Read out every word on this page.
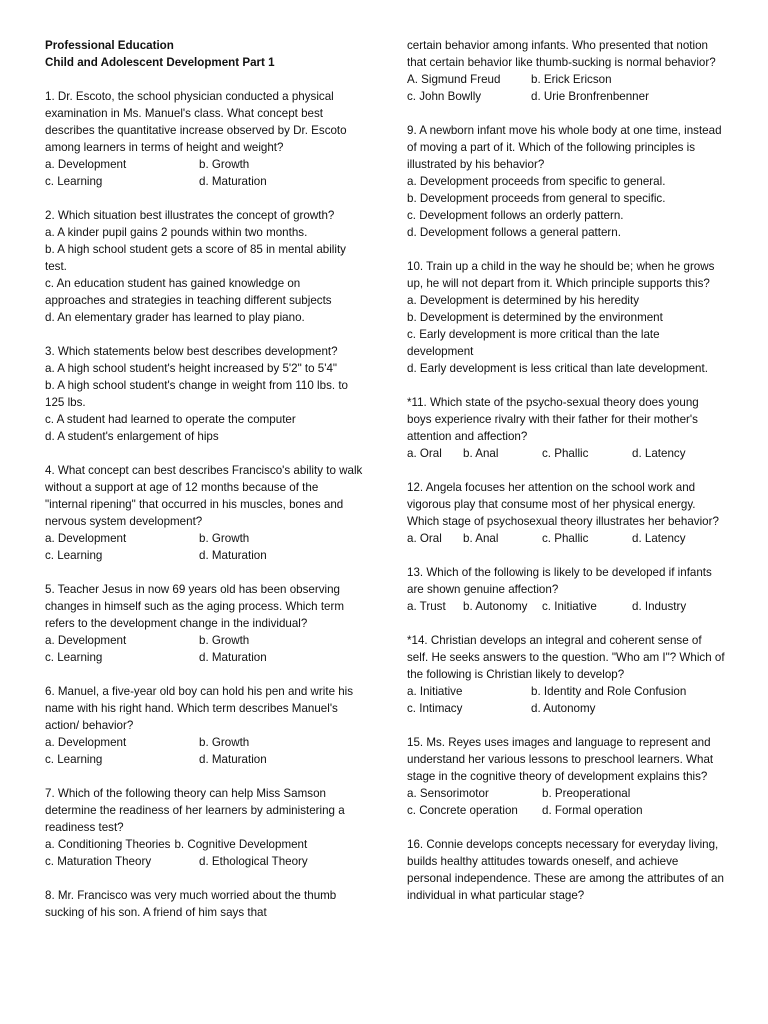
Professional Education
Child and Adolescent Development Part 1
1. Dr. Escoto, the school physician conducted a physical examination in Ms. Manuel's class. What concept best describes the quantitative increase observed by Dr. Escoto among learners in terms of height and weight?
a. Development	b. Growth
c. Learning	d. Maturation
2. Which situation best illustrates the concept of growth?
a. A kinder pupil gains 2 pounds within two months.
b. A high school student gets a score of 85 in mental ability test.
c. An education student has gained knowledge on approaches and strategies in teaching different subjects
d. An elementary grader has learned to play piano.
3. Which statements below best describes development?
a. A high school student's height increased by 5'2" to 5'4"
b. A high school student's change in weight from 110 lbs. to 125 lbs.
c. A student had learned to operate the computer
d. A student's enlargement of hips
4. What concept can best describes Francisco's ability to walk without a support at age of 12 months because of the "internal ripening" that occurred in his muscles, bones and nervous system development?
a. Development	b. Growth
c. Learning	d. Maturation
5. Teacher Jesus in now 69 years old has been observing changes in himself such as the aging process. Which term refers to the development change in the individual?
a. Development	b. Growth
c. Learning	d. Maturation
6. Manuel, a five-year old boy can hold his pen and write his name with his right hand. Which term describes Manuel's action/ behavior?
a. Development	b. Growth
c. Learning	d. Maturation
7. Which of the following theory can help Miss Samson determine the readiness of her learners by administering a readiness test?
a. Conditioning Theories b. Cognitive Development
c. Maturation Theory	d. Ethological Theory
8. Mr. Francisco was very much worried about the thumb sucking of his son. A friend of him says that
certain behavior among infants. Who presented that notion that certain behavior like thumb-sucking is normal behavior?
A. Sigmund Freud	b. Erick Ericson
c. John Bowlly	d. Urie Bronfrenbenner
9. A newborn infant move his whole body at one time, instead of moving a part of it. Which of the following principles is illustrated by his behavior?
a. Development proceeds from specific to general.
b. Development proceeds from general to specific.
c. Development follows an orderly pattern.
d. Development follows a general pattern.
10. Train up a child in the way he should be; when he grows up, he will not depart from it. Which principle supports this?
a. Development is determined by his heredity
b. Development is determined by the environment
c. Early development is more critical than the late development
d. Early development is less critical than late development.
*11. Which state of the psycho-sexual theory does young boys experience rivalry with their father for their mother's attention and affection?
a. Oral	b. Anal	c. Phallic	d. Latency
12. Angela focuses her attention on the school work and vigorous play that consume most of her physical energy. Which stage of psychosexual theory illustrates her behavior?
a. Oral	b. Anal	c. Phallic	d. Latency
13. Which of the following is likely to be developed if infants are shown genuine affection?
a. Trust	b. Autonomy	c. Initiative	d. Industry
*14. Christian develops an integral and coherent sense of self. He seeks answers to the question. "Who am I"? Which of the following is Christian likely to develop?
a. Initiative	b. Identity and Role Confusion
c. Intimacy	d. Autonomy
15. Ms. Reyes uses images and language to represent and understand her various lessons to preschool learners. What stage in the cognitive theory of development explains this?
a. Sensorimotor	b. Preoperational
c. Concrete operation	d. Formal operation
16. Connie develops concepts necessary for everyday living, builds healthy attitudes towards oneself, and achieve personal independence. These are among the attributes of an individual in what particular stage?
